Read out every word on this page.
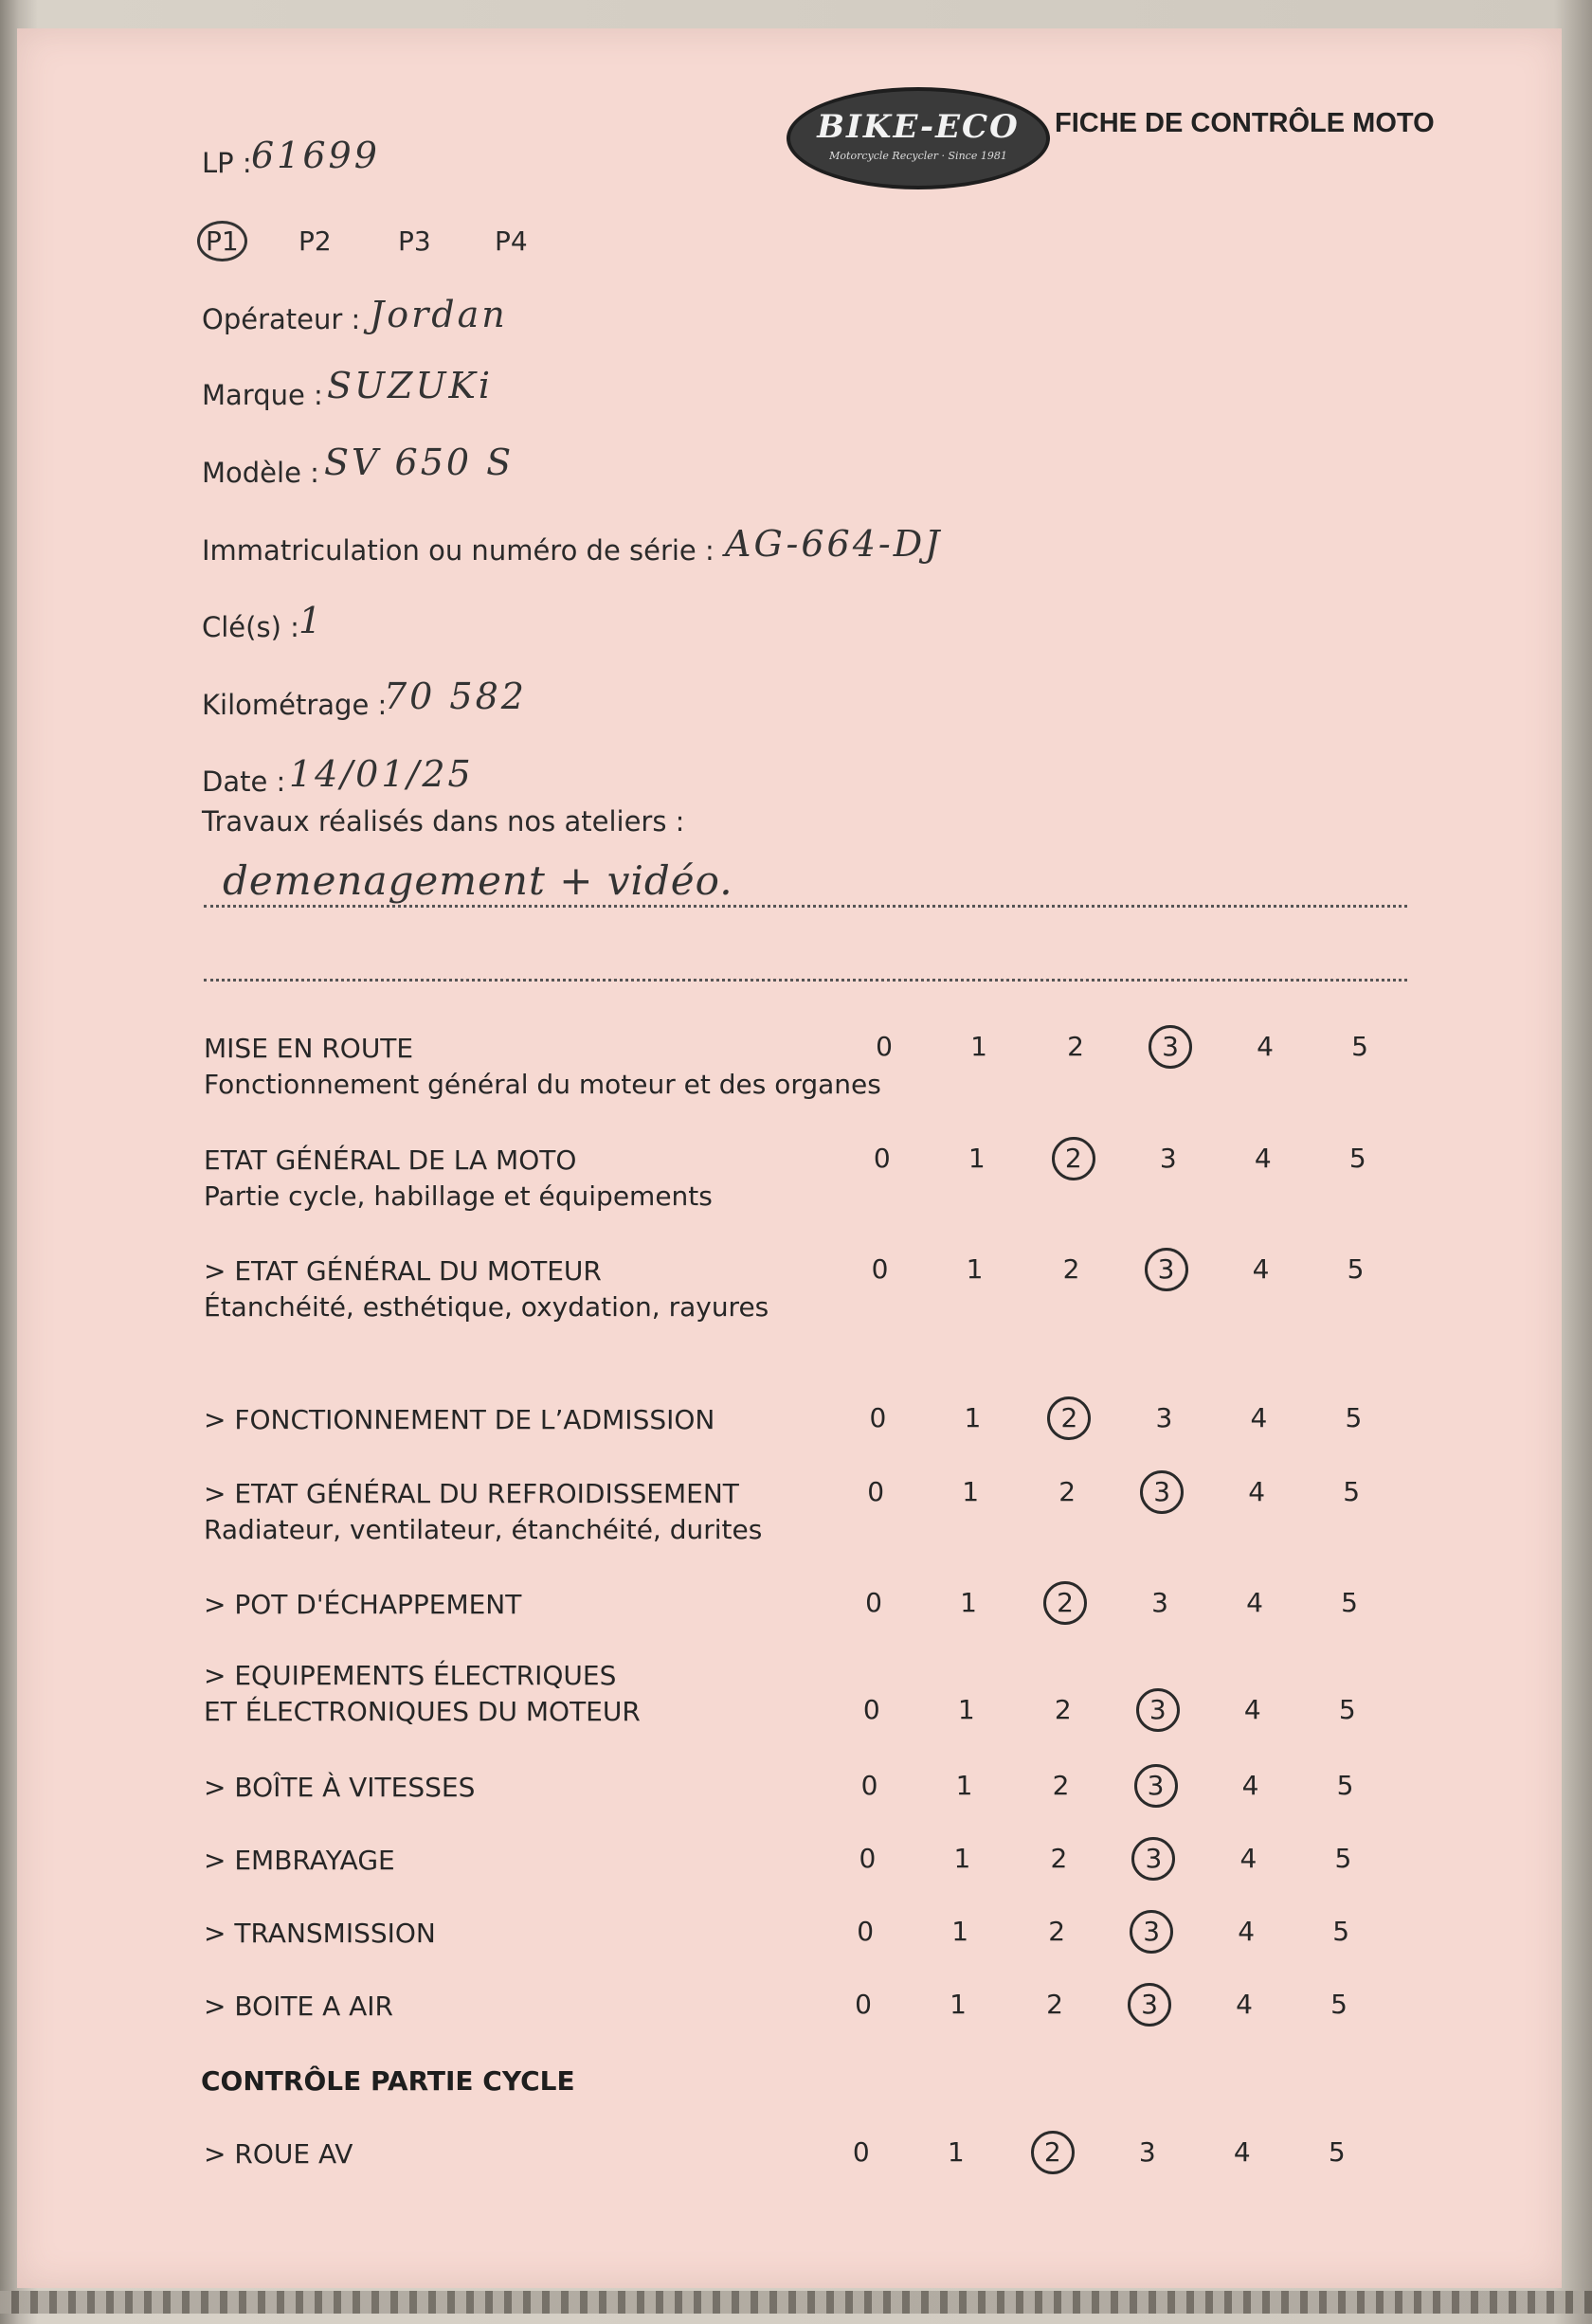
BIKE-ECO
Motorcycle Recycler · Since 1981
FICHE DE CONTRÔLE MOTO
LP : 61699
P1	P2	P3 P4
Opérateur : Jordan
Marque : SUZUKi
Modèle : SV 650 S
Immatriculation ou numéro de série : AG-664-DJ
Clé(s) : 1
Kilométrage :
70 582
Date : 14/01/25
Travaux réalisés dans nos ateliers :
demenagement + vidéo.
MISE EN ROUTE
Fonctionnement général du moteur et des organes
0	1	2	3	4	5
ETAT GÉNÉRAL DE LA MOTO
Partie cycle, habillage et équipements
0	1	2	3	4	5
> ETAT GÉNÉRAL DU MOTEUR
Étanchéité, esthétique, oxydation, rayures
0	1	2	3	4	5
> FONCTIONNEMENT DE L’ADMISSION	0	1	2	3	4	5
> ETAT GÉNÉRAL DU REFROIDISSEMENT
Radiateur, ventilateur, étanchéité, durites
0	1	2	3	4	5
> POT D'ÉCHAPPEMENT	0	1	2	3	4	5
> EQUIPEMENTS ÉLECTRIQUES
ET ÉLECTRONIQUES DU MOTEUR	0	1	2	3	4	5
> BOÎTE À VITESSES	0	1	2	3	4	5
> EMBRAYAGE	0	1	2	3	4	5
> TRANSMISSION	0	1	2	3	4	5
> BOITE A AIR	0	1	2	3	4	5
CONTRÔLE PARTIE CYCLE
> ROUE AV	0	1	2	3	4	5
